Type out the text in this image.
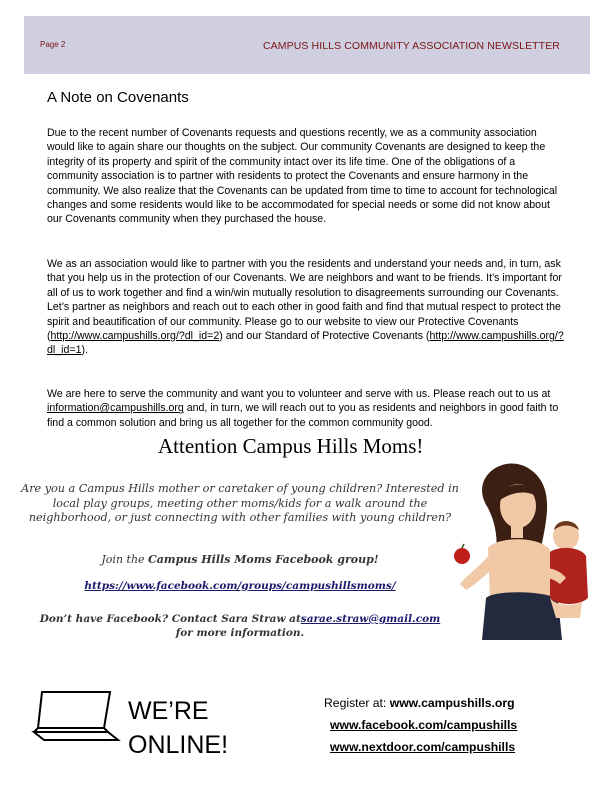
Page 2	CAMPUS HILLS COMMUNITY ASSOCIATION NEWSLETTER
A Note on Covenants

Due to the recent number of Covenants requests and questions recently, we as a community association would like to again share our thoughts on the subject. Our community Covenants are designed to keep the integrity of its property and spirit of the community intact over its life time. One of the obligations of a community association is to partner with residents to protect the Covenants and ensure harmony in the community. We also realize that the Covenants can be updated from time to time to account for technological changes and some residents would like to be accommodated for special needs or some did not know about our Covenants community when they purchased the house.

We as an association would like to partner with you the residents and understand your needs and, in turn, ask that you help us in the protection of our Covenants. We are neighbors and want to be friends. It’s important for all of us to work together and find a win/win mutually resolution to disagreements surrounding our Covenants. Let’s partner as neighbors and reach out to each other in good faith and find that mutual respect to protect the spirit and beautification of our community. Please go to our website to view our Protective Covenants (http://www.campushills.org/?dl_id=2) and our Standard of Protective Covenants (http://www.campushills.org/?dl_id=1).

We are here to serve the community and want you to volunteer and serve with us. Please reach out to us at information@campushills.org and, in turn, we will reach out to you as residents and neighbors in good faith to find a common solution and bring us all together for the common community good.

Attention Campus Hills Moms!
Are you a Campus Hills mother or caretaker of young children? Interested in local play groups, meeting other moms/kids for a walk around the neighborhood, or just connecting with other families with young children?
Join the Campus Hills Moms Facebook group!
https://www.facebook.com/groups/campushillsmoms/
Don’t have Facebook? Contact Sara Straw atsarae.straw@gmail.com
for more information.
WE’RE
ONLINE!
Register at: www.campushills.org
www.facebook.com/campushills
www.nextdoor.com/campushills
